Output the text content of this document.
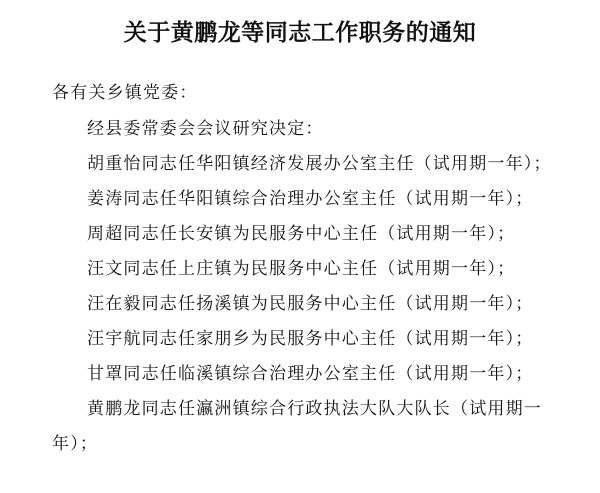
关于黄鹏龙等同志工作职务的通知
各有关乡镇党委：
经县委常委会会议研究决定：
胡重怡同志任华阳镇经济发展办公室主任（试用期一年）；
姜涛同志任华阳镇综合治理办公室主任（试用期一年）；
周超同志任长安镇为民服务中心主任（试用期一年）；
汪文同志任上庄镇为民服务中心主任（试用期一年）；
汪在毅同志任扬溪镇为民服务中心主任（试用期一年）；
汪宇航同志任家朋乡为民服务中心主任（试用期一年）；
甘罩同志任临溪镇综合治理办公室主任（试用期一年）；
黄鹏龙同志任瀛洲镇综合行政执法大队大队长（试用期一
年）；
